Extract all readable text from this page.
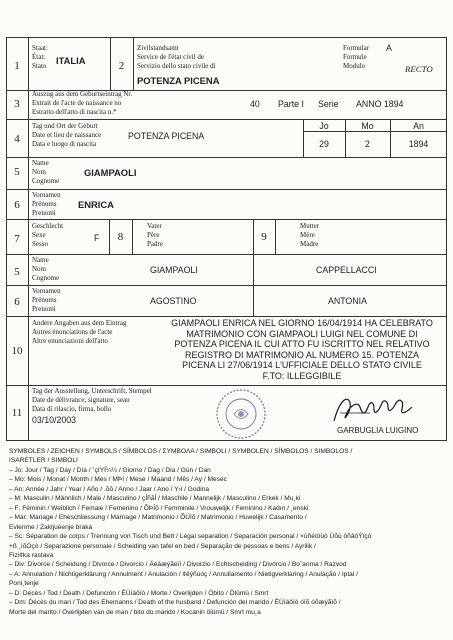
1
Staat:
État:
Stato ITALIA	2
Zivilstandsamt
Service de l'état civil de
Servizio dello stato civile di
POTENZA PICENA
Formular
Formule
Modulo
A
RECTO
3
Auszug aus dem Geburtseintrag Nr.
Extrait de l'acte de naissance no
Estratto dell'atto di nascita n.*
40 Parte I Serie ANNO 1894
4
Tag und Ort der Geburt
Date et lieu de naissance
Data e luogo di nascita
POTENZA PICENA
Jo	Mo	An
29	2	1894
5
Name
Nom
Cognome
GIAMPAOLI
6
Vornamen
Prénoms
Prenomi
ENRICA
7
Geschlecht
Sexe
Sesso
F	8
Vater
Père
Padre
9
Mutter
Mère
Madre
5
Name
Nom
Cognome
GIAMPAOLI	CAPPELLACCI
6
Vornamen
Prénoms
Prenomi
AGOSTINO	ANTONIA
10
Andere Angaben aus dem Eintrag
Autres énonciations de l'acte
Altre enunciazioni dell'atto
GIAMPAOLI ENRICA NEL GIORNO 16/04/1914 HA CELEBRATO
MATRIMONIO CON GIAMPAOLI LUIGI NEL COMUNE DI
POTENZA PICENA IL CUI ATTO FU ISCRITTO NEL RELATIVO
REGISTRO DI MATRIMONIO AL NUMERO 15. POTENZA
PICENA LI 27/06/1914 L'UFFICIALE DELLO STATO CIVILE
F.TO: ILLEGGIBILE
11
Tag der Ausstellung, Unterschrift, Stempel
Date de délivrance, signature, seau
Data di rilascio, firma, bollo
03/10/2003
GARBUGLIA LUIGINO
SYMBOLES / ZEICHEN / SYMBOLS / SÍMBOLOS / ΣΥΜΒΟΛΑ / SIMBOLI / SYMBOLEN / SÍMBOLOS / SIMBOLOS /
ISARETLER / SIMBOLI
– Jo: Jour / Tag / Day / Día / ˚çIYÍ¼¼ / Giorno / Dag / Dia / Gün / Dan
– Mo: Mois / Monat / Month / Mes / MÞí / Mese / Maand / Mês / Ay / Mesec
– An: Année / Jahr / Year / Año / .õõ / Anno / Jaar / Ano / Y›l / Godina
– M: Masculin / Männlich / Male / Masculino / çÍñãÍ / Maschile / Mannelijk / Masculino / Erkek / Mu¸ki
– F: Féminin / Weiblich / Female / Femenino / ÕÞÍõ / Femminile / Vrouwelijk / Feminino / Kadın / ¸enski
– Mar: Mariage / Eheschliessung / Marriage / Matrimonio / ÕÜïõ / Matrimonio / Huwelijk / Casamento /
Evlenme / Zakljuèenje braka
– Sc: Séparation de corps / Trennung von Tisch und Bett / Legal separation / Separación personal / ×ùñéóìüò Üõü ôñâôÝïçò
+ß ¸ìõÓçò / Separazione personale / Scheiding van tafel en bed / Separação de pessoas e bens / Ayrilik /
Fizi¢ka rastava
– Div: Divorce / Scheidung / Divorce / Divorcio / Äéáæýãéïí / Divorzio / Echtscheiding / Divórcio / Bo˚anma / Razvod
– A: Annulation / Nichtigerklärung / Annulment / Anulación / ¢êýñùóç / Annullamento / Nietigverklaring / Anulação / Iptal /
Poni¸tenje
– D: Décès / Tod / Death / Defunción / ÈÜíáôïò / Morte / Overlijden / Óbito / Ölümü / Smrt
– Dm: Décès du mari / Tod des Ehemanns / Death of the husband / Defunción del marido / ÈÜíáôïò óïõ óõæýãïõ /
Morte del marito / Overlijden van de man / bito do marido / Kocanin ölümü / Smrt mu¸a
